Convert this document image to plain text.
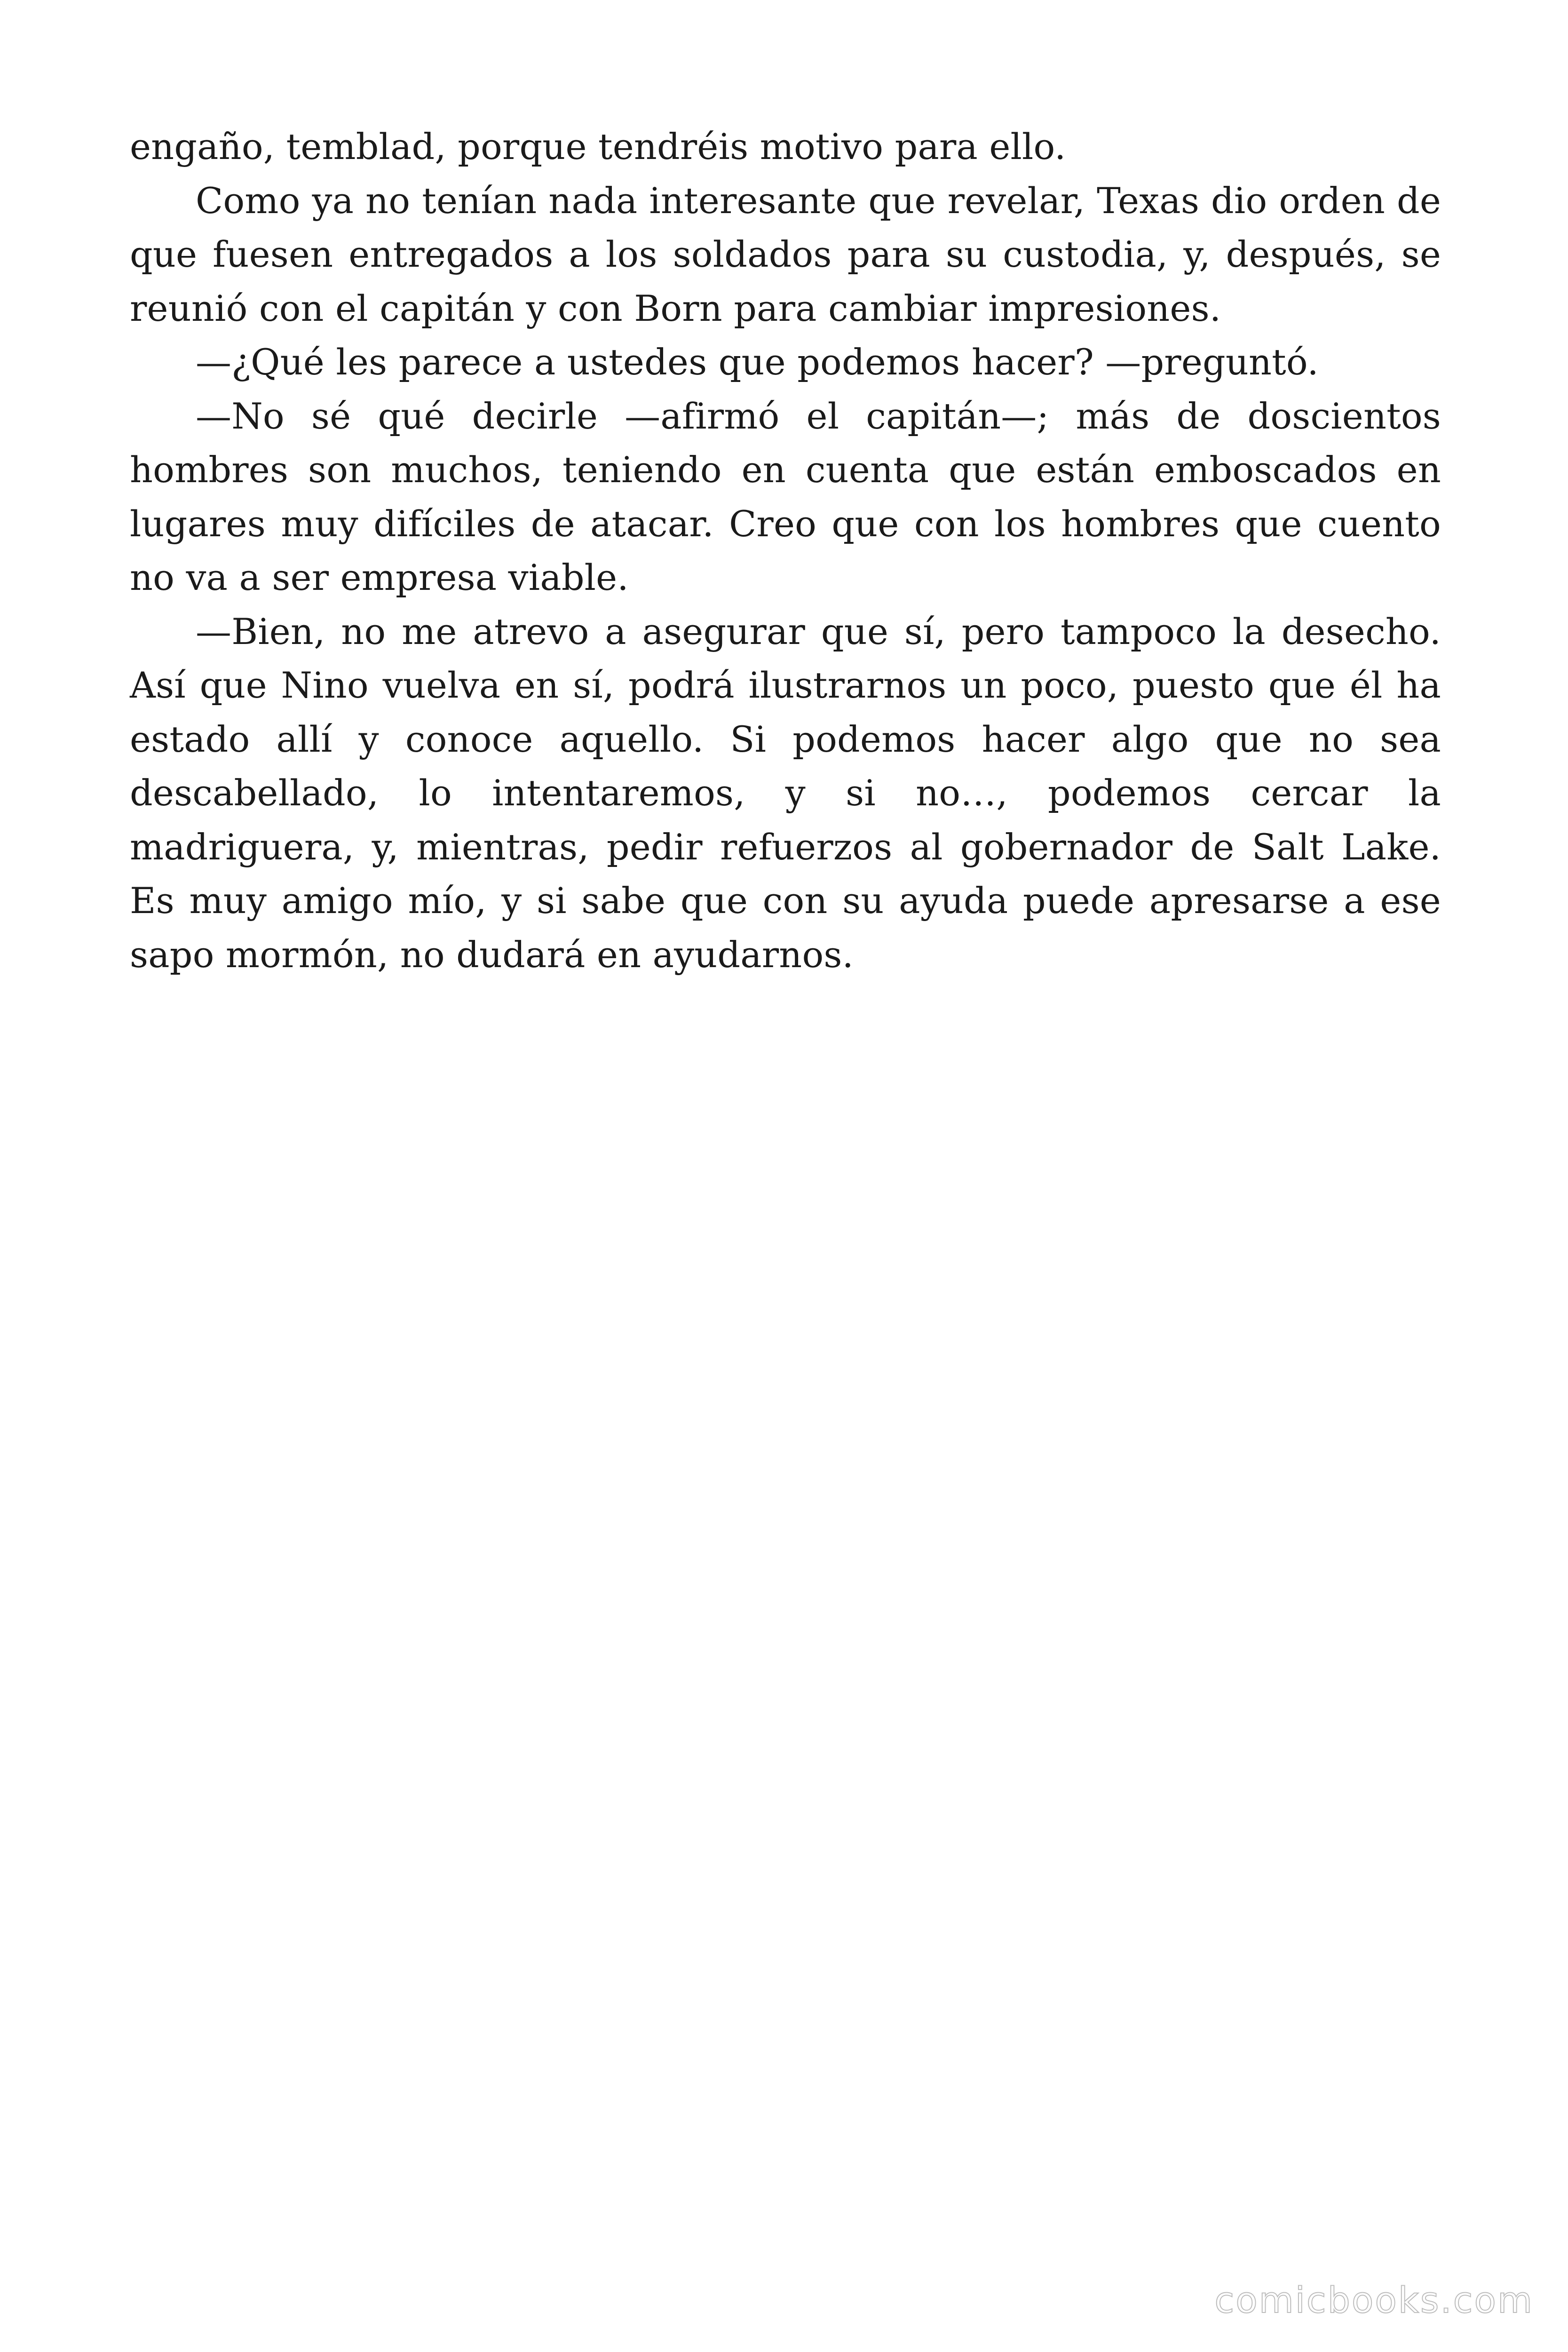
engaño, temblad, porque tendréis motivo para ello.

Como ya no tenían nada interesante que revelar, Texas dio orden de que fuesen entregados a los soldados para su custodia, y, después, se reunió con el capitán y con Born para cambiar impresiones.

—¿Qué les parece a ustedes que podemos hacer? —preguntó.

—No sé qué decirle —afirmó el capitán—; más de doscientos hombres son muchos, teniendo en cuenta que están emboscados en lugares muy difíciles de atacar. Creo que con los hombres que cuento no va a ser empresa viable.

—Bien, no me atrevo a asegurar que sí, pero tampoco la desecho. Así que Nino vuelva en sí, podrá ilustrarnos un poco, puesto que él ha estado allí y conoce aquello. Si podemos hacer algo que no sea descabellado, lo intentaremos, y si no…, podemos cercar la madriguera, y, mientras, pedir refuerzos al gobernador de Salt Lake. Es muy amigo mío, y si sabe que con su ayuda puede apresarse a ese sapo mormón, no dudará en ayudarnos.

comicbooks.com
